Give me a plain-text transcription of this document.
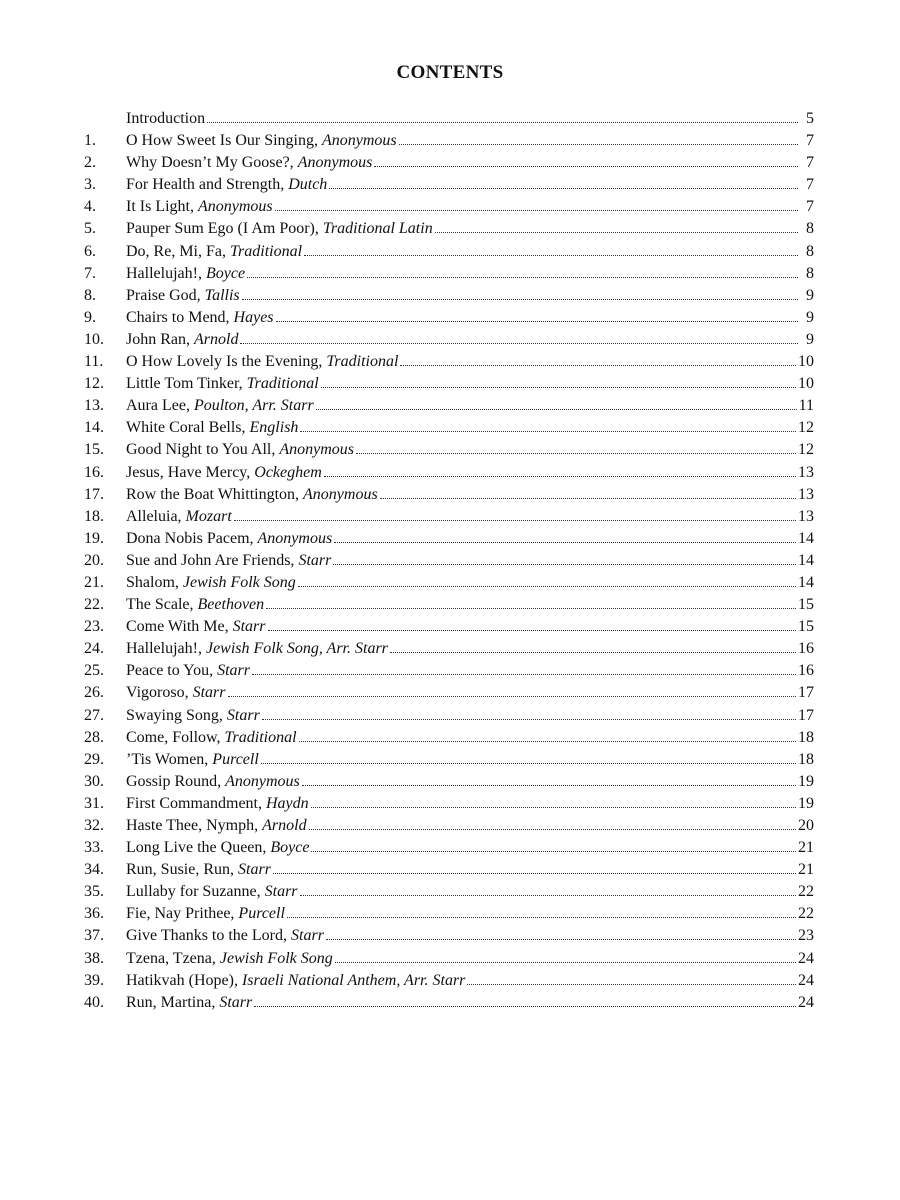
CONTENTS
Introduction	5
1.	O How Sweet Is Our Singing, Anonymous	7
2.	Why Doesn’t My Goose?, Anonymous	7
3.	For Health and Strength, Dutch	7
4.	It Is Light, Anonymous	7
5.	Pauper Sum Ego (I Am Poor), Traditional Latin	8
6.	Do, Re, Mi, Fa, Traditional	8
7.	Hallelujah!, Boyce	8
8.	Praise God, Tallis	9
9.	Chairs to Mend, Hayes	9
10.	John Ran, Arnold	9
11.	O How Lovely Is the Evening, Traditional	10
12.	Little Tom Tinker, Traditional	10
13.	Aura Lee, Poulton, Arr. Starr	11
14.	White Coral Bells, English	12
15.	Good Night to You All, Anonymous	12
16.	Jesus, Have Mercy, Ockeghem	13
17.	Row the Boat Whittington, Anonymous	13
18.	Alleluia, Mozart	13
19.	Dona Nobis Pacem, Anonymous	14
20.	Sue and John Are Friends, Starr	14
21.	Shalom, Jewish Folk Song	14
22.	The Scale, Beethoven	15
23.	Come With Me, Starr	15
24.	Hallelujah!, Jewish Folk Song, Arr. Starr	16
25.	Peace to You, Starr	16
26.	Vigoroso, Starr	17
27.	Swaying Song, Starr	17
28.	Come, Follow, Traditional	18
29.	’Tis Women, Purcell	18
30.	Gossip Round, Anonymous	19
31.	First Commandment, Haydn	19
32.	Haste Thee, Nymph, Arnold	20
33.	Long Live the Queen, Boyce	21
34.	Run, Susie, Run, Starr	21
35.	Lullaby for Suzanne, Starr	22
36.	Fie, Nay Prithee, Purcell	22
37.	Give Thanks to the Lord, Starr	23
38.	Tzena, Tzena, Jewish Folk Song	24
39.	Hatikvah (Hope), Israeli National Anthem, Arr. Starr	24
40.	Run, Martina, Starr	24
